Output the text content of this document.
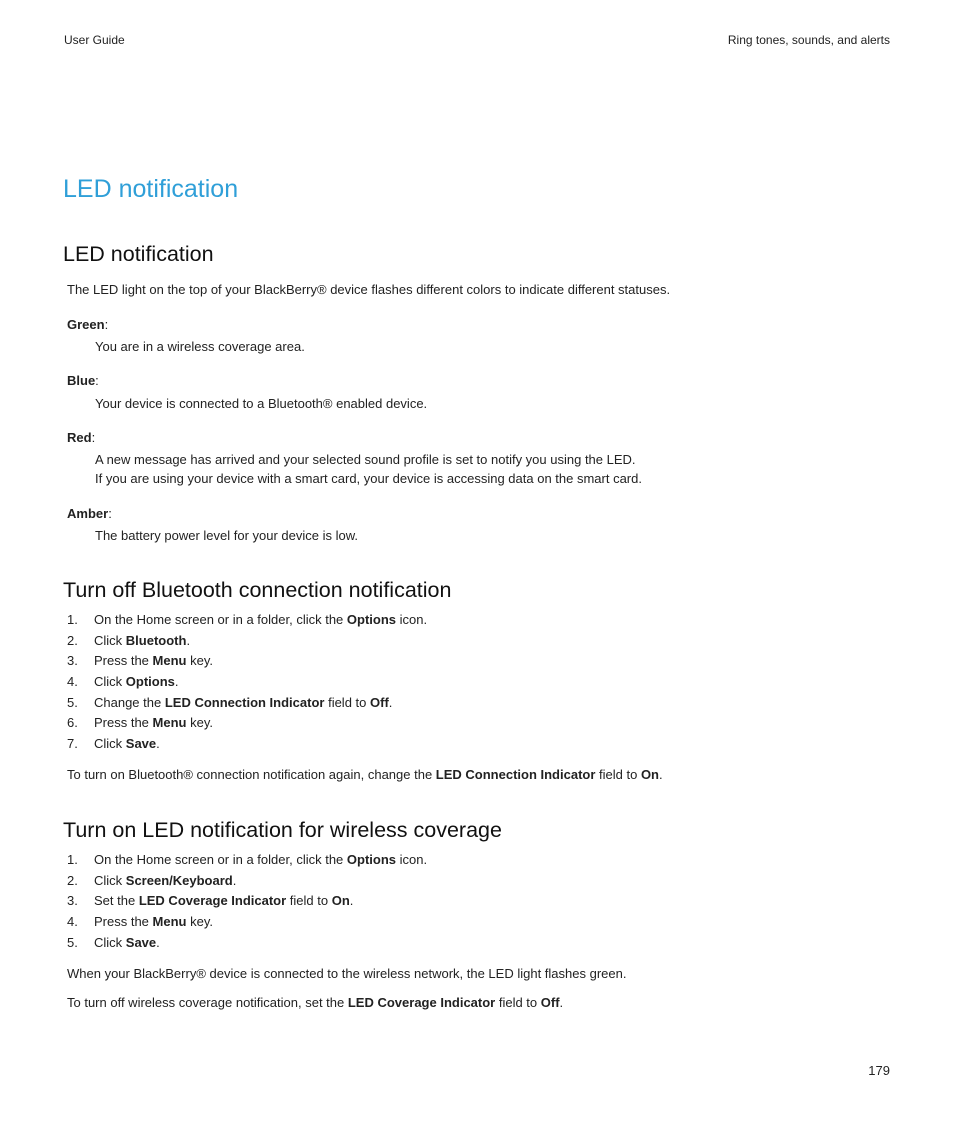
User Guide	Ring tones, sounds, and alerts
LED notification
LED notification
The LED light on the top of your BlackBerry® device flashes different colors to indicate different statuses.
Green:
You are in a wireless coverage area.
Blue:
Your device is connected to a Bluetooth® enabled device.
Red:
A new message has arrived and your selected sound profile is set to notify you using the LED.
If you are using your device with a smart card, your device is accessing data on the smart card.
Amber:
The battery power level for your device is low.
Turn off Bluetooth connection notification
1. On the Home screen or in a folder, click the Options icon.
2. Click Bluetooth.
3. Press the Menu key.
4. Click Options.
5. Change the LED Connection Indicator field to Off.
6. Press the Menu key.
7. Click Save.
To turn on Bluetooth® connection notification again, change the LED Connection Indicator field to On.
Turn on LED notification for wireless coverage
1. On the Home screen or in a folder, click the Options icon.
2. Click Screen/Keyboard.
3. Set the LED Coverage Indicator field to On.
4. Press the Menu key.
5. Click Save.
When your BlackBerry® device is connected to the wireless network, the LED light flashes green.
To turn off wireless coverage notification, set the LED Coverage Indicator field to Off.
179
